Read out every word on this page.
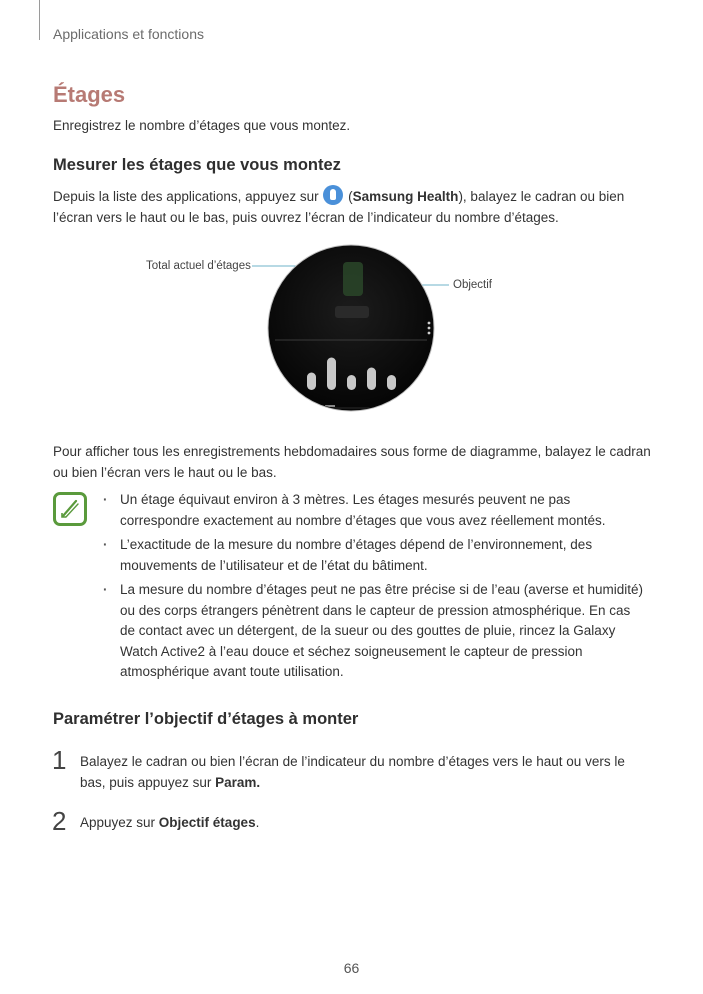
Applications et fonctions
Étages
Enregistrez le nombre d’étages que vous montez.
Mesurer les étages que vous montez
Depuis la liste des applications, appuyez sur  (Samsung Health), balayez le cadran ou bien l’écran vers le haut ou le bas, puis ouvrez l’écran de l’indicateur du nombre d’étages.
Total actuel d’étages
Objectif
Pour afficher tous les enregistrements hebdomadaires sous forme de diagramme, balayez le cadran ou bien l’écran vers le haut ou le bas.
· Un étage équivaut environ à 3 mètres. Les étages mesurés peuvent ne pas correspondre exactement au nombre d’étages que vous avez réellement montés.
· L’exactitude de la mesure du nombre d’étages dépend de l’environnement, des mouvements de l’utilisateur et de l’état du bâtiment.
· La mesure du nombre d’étages peut ne pas être précise si de l’eau (averse et humidité) ou des corps étrangers pénètrent dans le capteur de pression atmosphérique. En cas de contact avec un détergent, de la sueur ou des gouttes de pluie, rincez la Galaxy Watch Active2 à l’eau douce et séchez soigneusement le capteur de pression atmosphérique avant toute utilisation.
Paramétrer l’objectif d’étages à monter
1 Balayez le cadran ou bien l’écran de l’indicateur du nombre d’étages vers le haut ou vers le bas, puis appuyez sur Param.
2 Appuyez sur Objectif étages.
66
